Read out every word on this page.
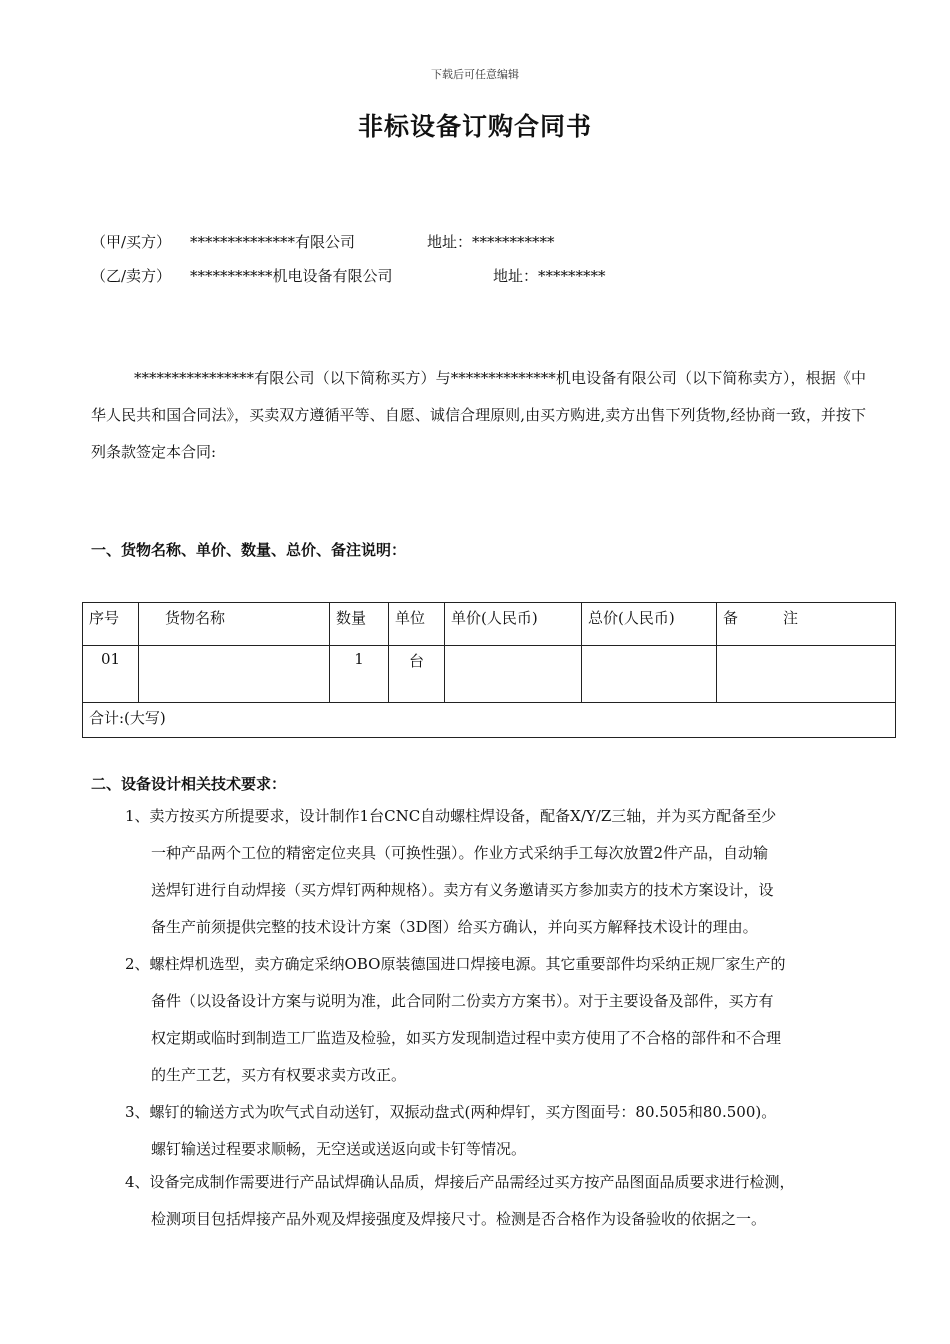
下载后可任意编辑
非标设备订购合同书
（甲/买方） **************有限公司	地址：***********
（乙/卖方） ***********机电设备有限公司	地址：*********

****************有限公司（以下简称买方）与**************机电设备有限公司（以下简称卖方），根据《中华人民共和国合同法》，买卖双方遵循平等、自愿、诚信合理原则,由买方购进,卖方出售下列货物,经协商一致，并按下列条款签定本合同:

一、货物名称、单价、数量、总价、备注说明：
序号	货物名称	数量	单位	单价(人民币)	总价(人民币)	备　　　注
01		1	台			
合计:(大写)						
二、设备设计相关技术要求：
1、卖方按买方所提要求，设计制作1台CNC自动螺柱焊设备，配备X/Y/Z三轴，并为买方配备至少
一种产品两个工位的精密定位夹具（可换性强）。作业方式采纳手工每次放置2件产品，自动输
送焊钉进行自动焊接（买方焊钉两种规格）。卖方有义务邀请买方参加卖方的技术方案设计，设
备生产前须提供完整的技术设计方案（3D图）给买方确认，并向买方解释技术设计的理由。
2、螺柱焊机选型，卖方确定采纳OBO原装德国进口焊接电源。其它重要部件均采纳正规厂家生产的
备件（以设备设计方案与说明为准，此合同附二份卖方方案书）。对于主要设备及部件，买方有
权定期或临时到制造工厂监造及检验，如买方发现制造过程中卖方使用了不合格的部件和不合理
的生产工艺，买方有权要求卖方改正。
3、螺钉的输送方式为吹气式自动送钉，双振动盘式(两种焊钉，买方图面号：80.505和80.500)。
螺钉输送过程要求顺畅，无空送或送返向或卡钉等情况。
4、设备完成制作需要进行产品试焊确认品质，焊接后产品需经过买方按产品图面品质要求进行检测，
检测项目包括焊接产品外观及焊接强度及焊接尺寸。检测是否合格作为设备验收的依据之一。
